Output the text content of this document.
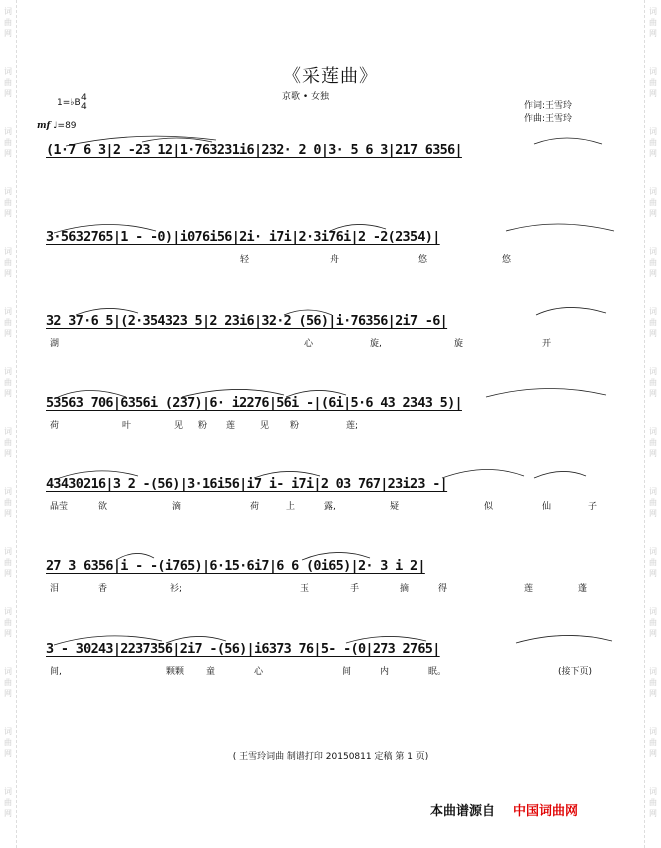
词
曲
网
词
曲
网
词
曲
网
词
曲
网
词
曲
网
词
曲
网
词
曲
网
词
曲
网
词
曲
网
词
曲
网
词
曲
网
词
曲
网
词
曲
网
词
曲
网
词
曲
网
词
曲
网
词
曲
网
词
曲
网
词
曲
网
词
曲
网
词
曲
网
词
曲
网
词
曲
网
词
曲
网
词
曲
网
词
曲
网
词
曲
网
词
曲
网
《采莲曲》
京歌 • 女独
作词:王雪玲
作曲:王雪玲
1=♭B 4
4
mf ♩=89
(1·7 6 3|2 -23 12|1·763231i6|232· 2 0|3· 5 6 3|217 6356|
3·5632765|1 - -0)|i076i56|2i· i7i|2·3i76i|2 -2(2354)|
轻	舟	悠	悠
32 37·6 5|(2·354323 5|2 23i6|32·2 (56)|i·76356|2i7 -6|
湖	心	旋,	旋	开
53563 706|6356i (237)|6· i2276|56i -|(6i|5·6 43 2343 5)|
荷	叶	见 粉 莲	见 粉	莲;
43430216|3 2 -(56)|3·16i56|i7 i- i7i|2 03 767|23i23 -|
晶莹	欲	滴	荷	上	露,	疑	似	仙	子
27 3 6356|i - -(i765)|6·15·6i7|6 6 (0i65)|2· 3 i 2|
泪	香	衫;	玉	手	摘	得	莲	蓬
3 - 30243|2237356|2i7 -(56)|i6373 76|5- -(0|273 2765|
间,	颗颗 童	心	间	内	眠。	(接下页)
( 王雪玲词曲 制谱打印 20150811 定稿 第 1 页)
本曲谱源自 中国词曲网
